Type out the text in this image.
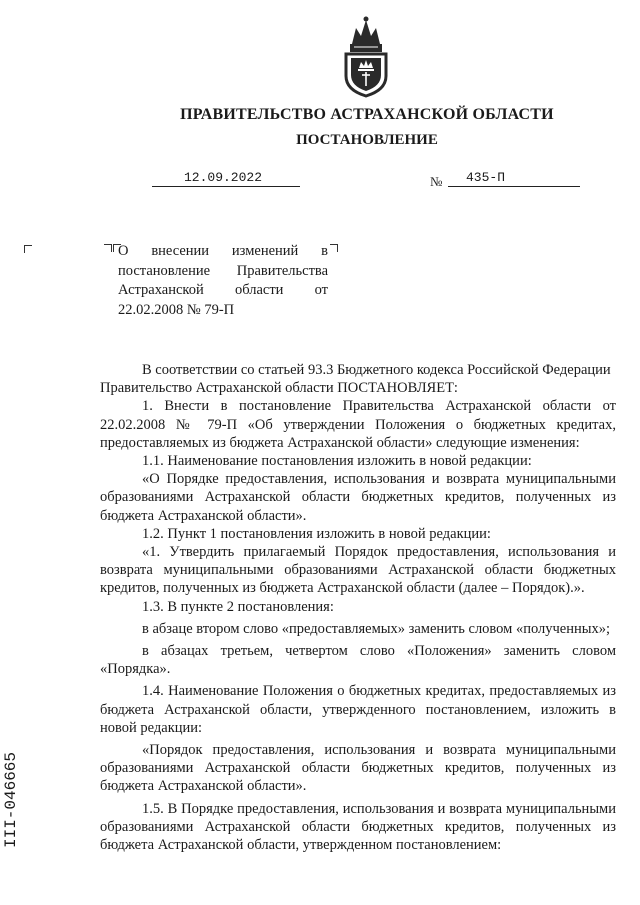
ПРАВИТЕЛЬСТВО АСТРАХАНСКОЙ ОБЛАСТИ
ПОСТАНОВЛЕНИЕ
12.09.2022	№ 435-П
О внесении изменений в постановление Правительства Астраханской области от 22.02.2008 № 79-П

В соответствии со статьей 93.3 Бюджетного кодекса Российской Федерации

Правительство Астраханской области ПОСТАНОВЛЯЕТ:

1. Внести в постановление Правительства Астраханской области от 22.02.2008 № 79-П «Об утверждении Положения о бюджетных кредитах, предоставляемых из бюджета Астраханской области» следующие изменения:

1.1. Наименование постановления изложить в новой редакции:

«О Порядке предоставления, использования и возврата муниципальными образованиями Астраханской области бюджетных кредитов, полученных из бюджета Астраханской области».

1.2. Пункт 1 постановления изложить в новой редакции:

«1. Утвердить прилагаемый Порядок предоставления, использования и возврата муниципальными образованиями Астраханской области бюджетных кредитов, полученных из бюджета Астраханской области (далее – Порядок).».

1.3. В пункте 2 постановления:

в абзаце втором слово «предоставляемых» заменить словом «полученных»;

в абзацах третьем, четвертом слово «Положения» заменить словом «Порядка».

1.4. Наименование Положения о бюджетных кредитах, предоставляемых из бюджета Астраханской области, утвержденного постановлением, изложить в новой редакции:

«Порядок предоставления, использования и возврата муниципальными образованиями Астраханской области бюджетных кредитов, полученных из бюджета Астраханской области».

1.5. В Порядке предоставления, использования и возврата муниципальными образованиями Астраханской области бюджетных кредитов, полученных из бюджета Астраханской области, утвержденном постановлением:

III-046665
